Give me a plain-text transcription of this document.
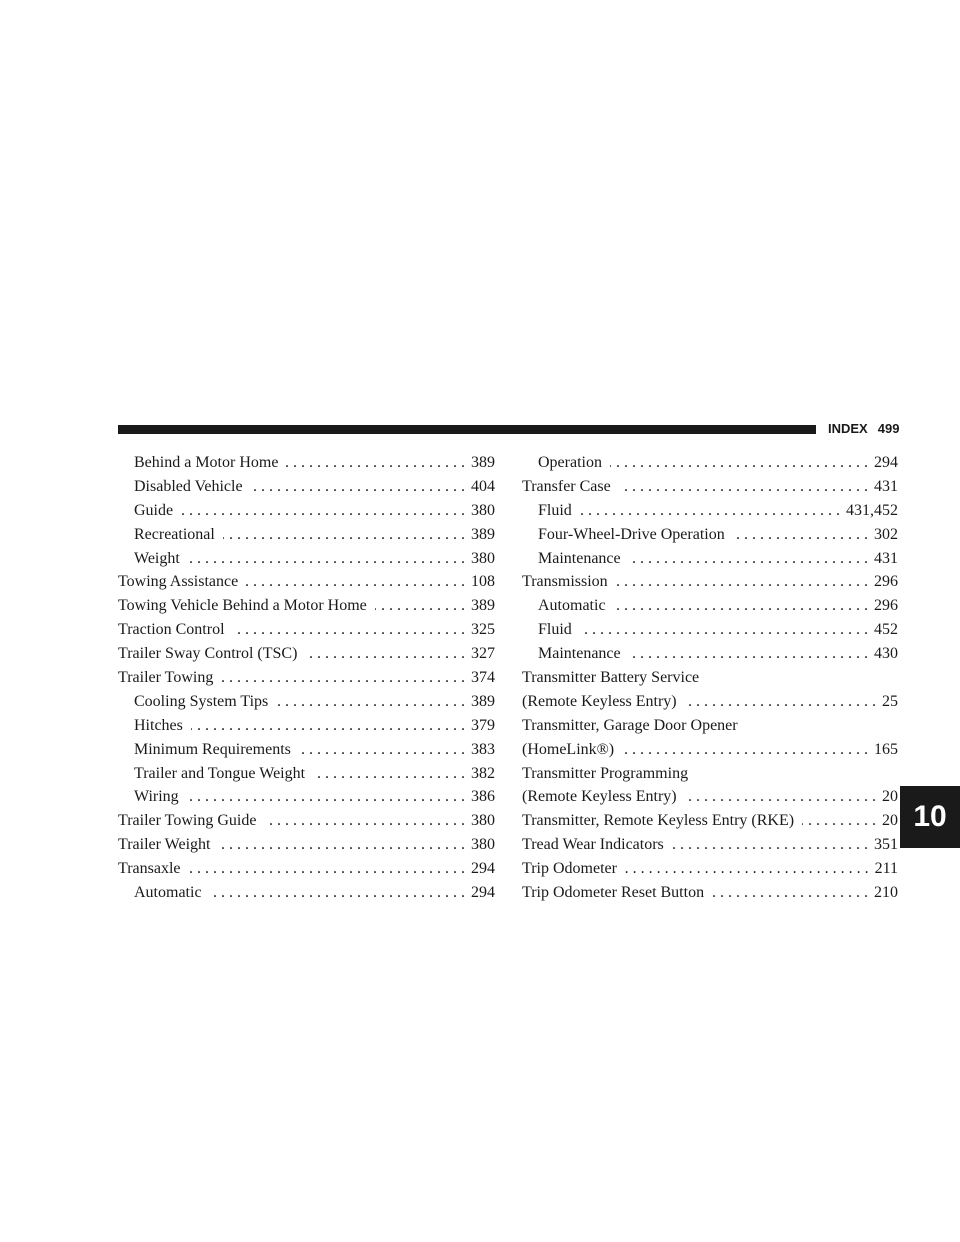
INDEX 499
Behind a Motor Home . . .	389
Disabled Vehicle . . .	404
Guide . . .	380
Recreational . . .	389
Weight . . .	380
Towing Assistance . . .	108
Towing Vehicle Behind a Motor Home . . .	389
Traction Control . . .	325
Trailer Sway Control (TSC) . . .	327
Trailer Towing . . .	374
Cooling System Tips . . .	389
Hitches . . .	379
Minimum Requirements . . .	383
Trailer and Tongue Weight . . .	382
Wiring . . .	386
Trailer Towing Guide . . .	380
Trailer Weight . . .	380
Transaxle . . .	294
Automatic . . .	294
Operation . . .	294
Transfer Case . . .	431
Fluid . . .	431,452
Four-Wheel-Drive Operation . . .	302
Maintenance . . .	431
Transmission . . .	296
Automatic . . .	296
Fluid . . .	452
Maintenance . . .	430
Transmitter Battery Service
(Remote Keyless Entry) . . .	25
Transmitter, Garage Door Opener
(HomeLink®) . . .	165
Transmitter Programming
(Remote Keyless Entry) . . .	20
Transmitter, Remote Keyless Entry (RKE) . . .	20
Tread Wear Indicators . . .	351
Trip Odometer . . .	211
Trip Odometer Reset Button . . .	210
10
